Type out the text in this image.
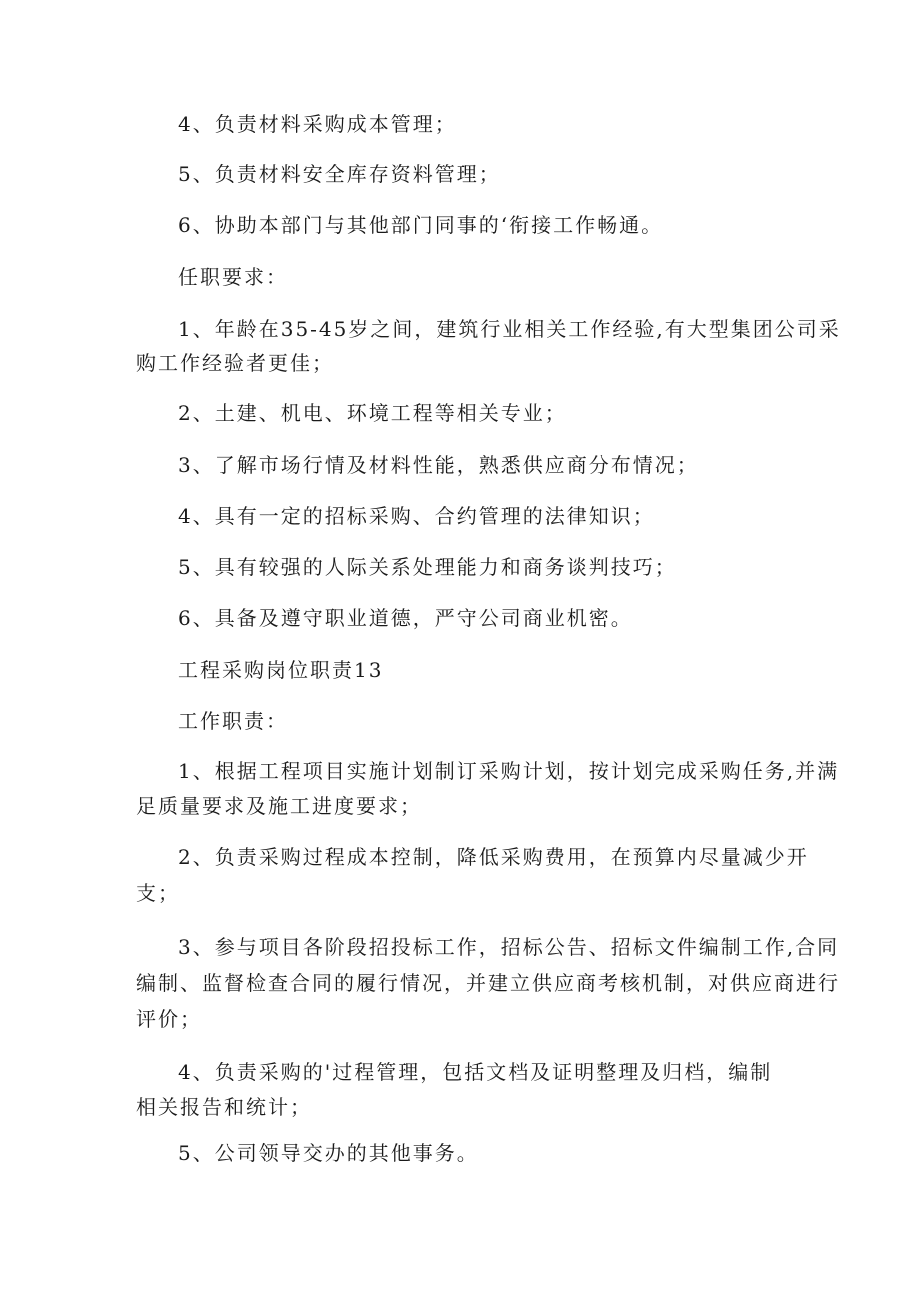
4、负责材料采购成本管理；

5、负责材料安全库存资料管理；

6、协助本部门与其他部门同事的‘衔接工作畅通。

任职要求：

1、年龄在35-45岁之间，建筑行业相关工作经验,有大型集团公司采

购工作经验者更佳；

2、土建、机电、环境工程等相关专业；

3、了解市场行情及材料性能，熟悉供应商分布情况；

4、具有一定的招标采购、合约管理的法律知识；

5、具有较强的人际关系处理能力和商务谈判技巧；

6、具备及遵守职业道德，严守公司商业机密。

工程采购岗位职责13

工作职责：

1、根据工程项目实施计划制订采购计划，按计划完成采购任务,并满

足质量要求及施工进度要求；

2、负责采购过程成本控制，降低采购费用，在预算内尽量减少开

支；

3、参与项目各阶段招投标工作，招标公告、招标文件编制工作,合同

编制、监督检查合同的履行情况，并建立供应商考核机制，对供应商进行

评价；

4、负责采购的'过程管理，包括文档及证明整理及归档，编制

相关报告和统计；

5、公司领导交办的其他事务。
